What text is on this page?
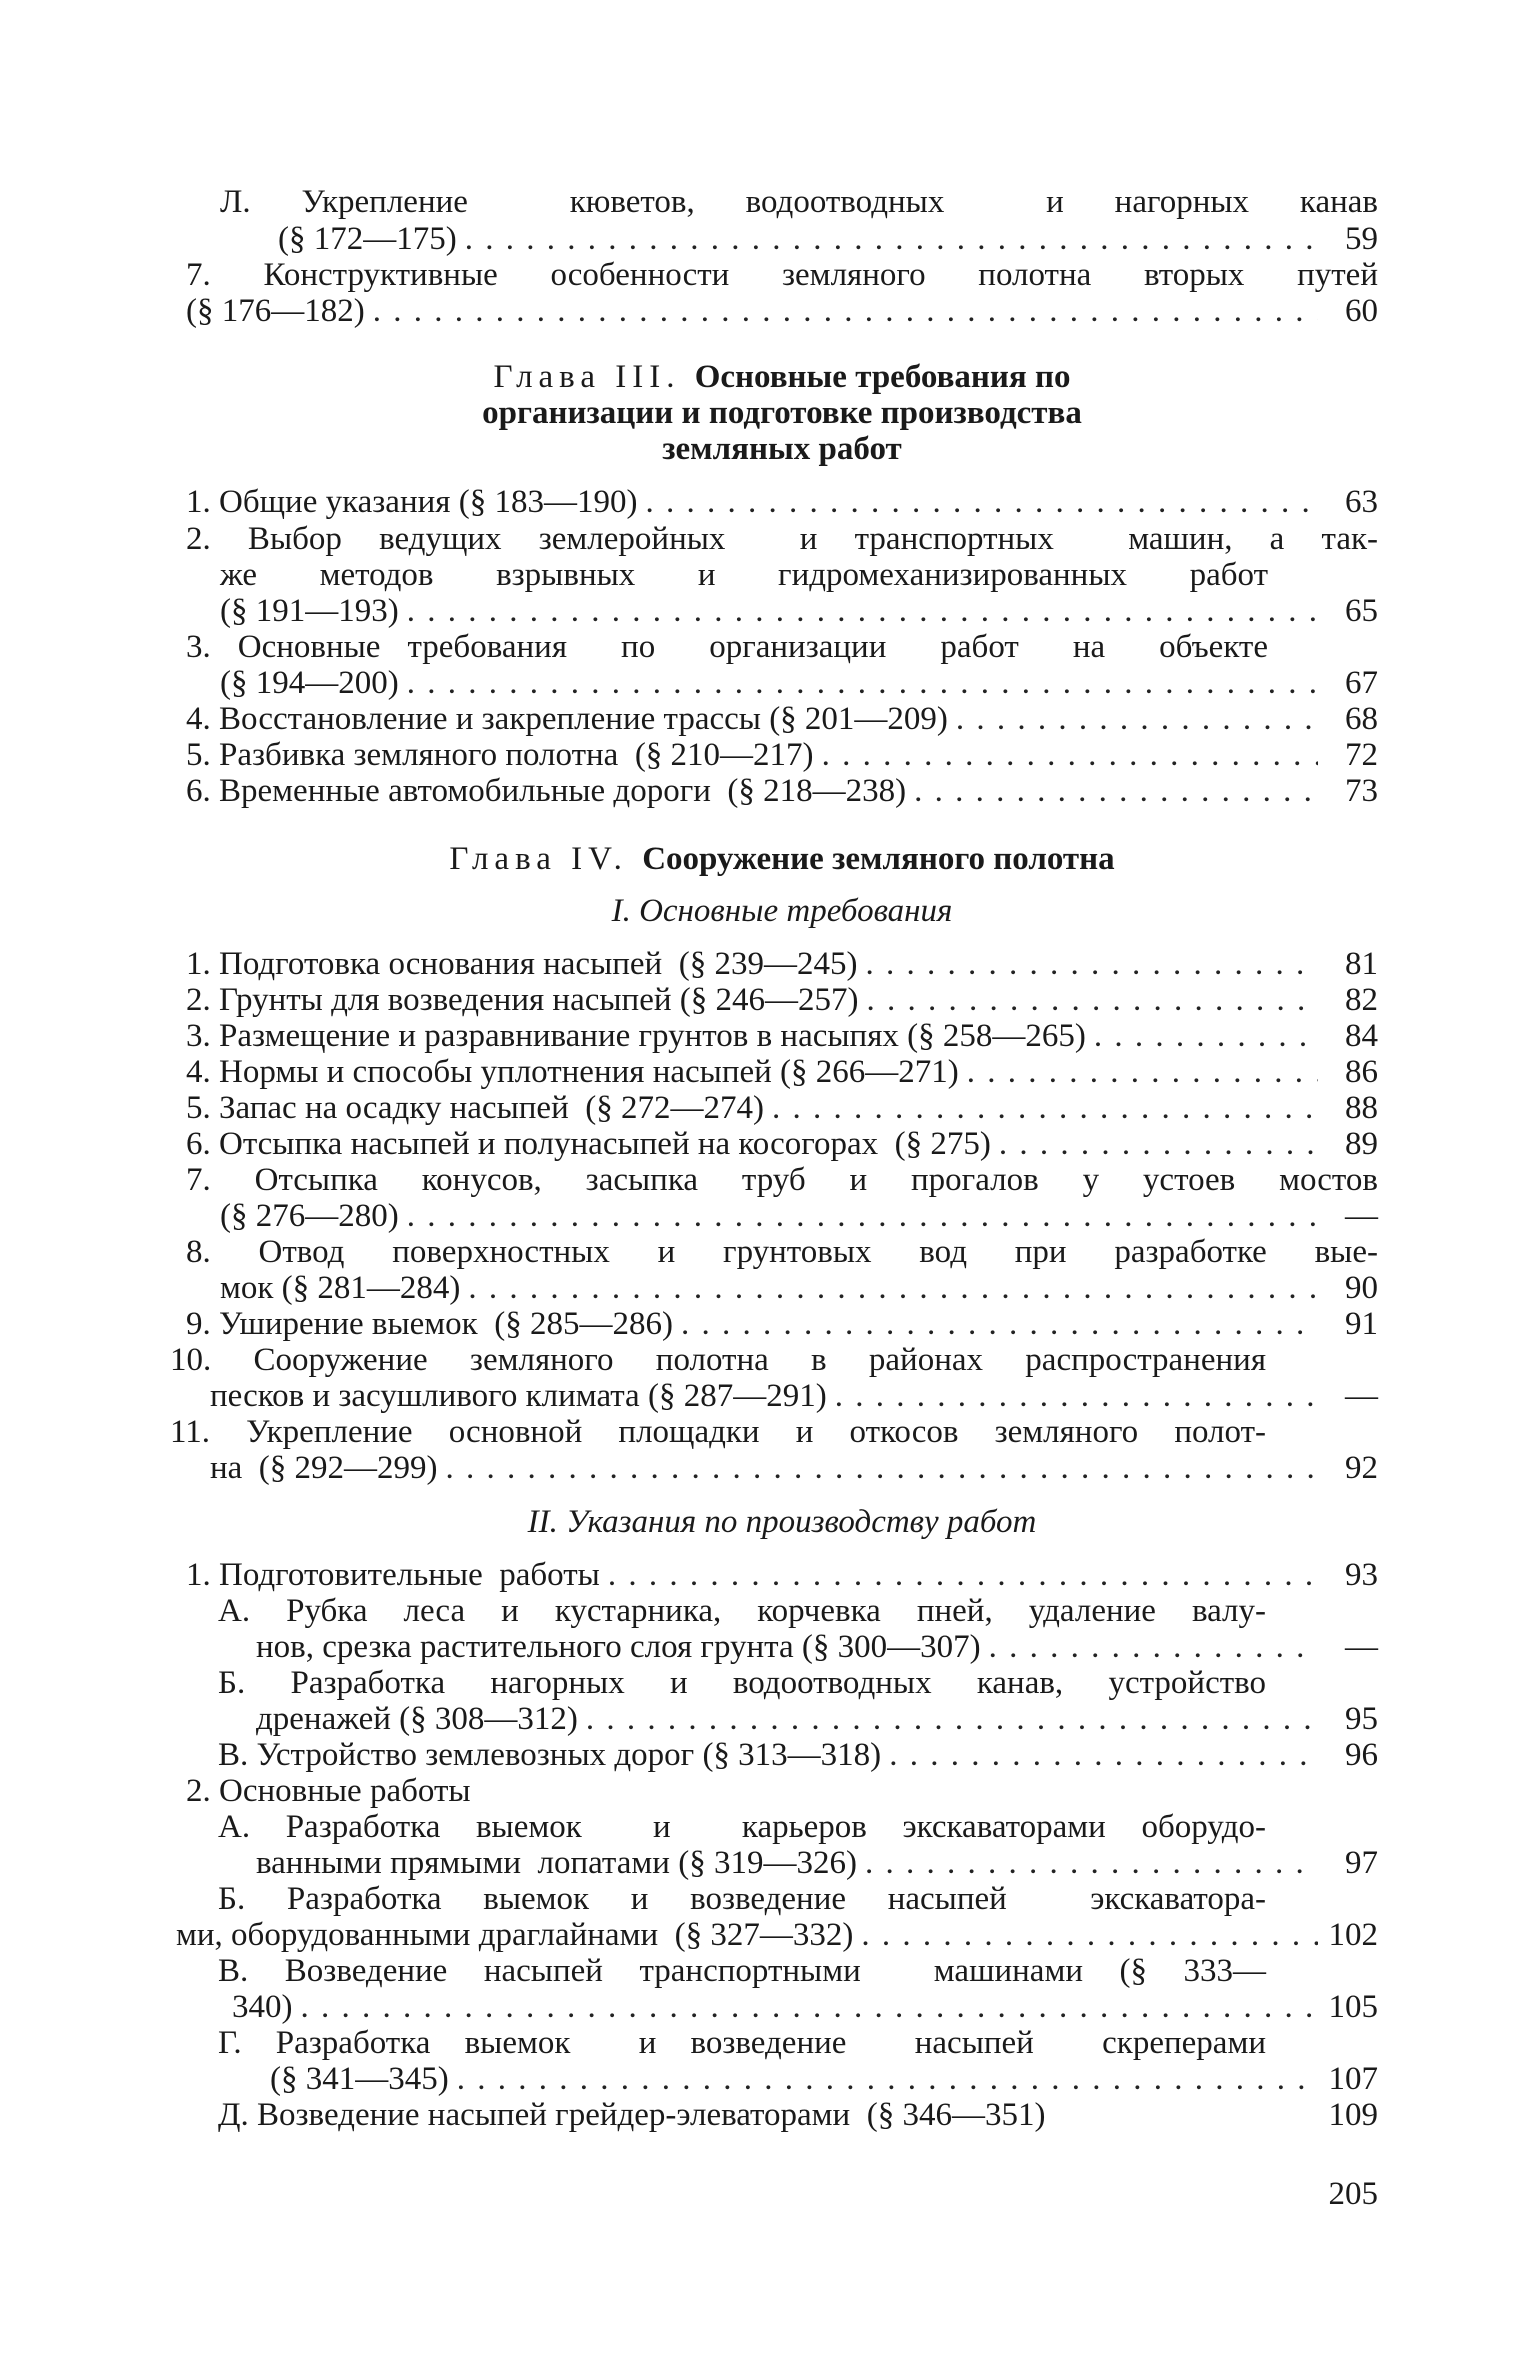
Л. Укрепление  кюветов, водоотводных  и нагорных канав
(§ 172—175) . . .	59
7. Конструктивные особенности земляного полотна вторых путей
(§ 176—182) . . .	60
Глава III. Основные требования по
организации и подготовке производства
земляных работ
1. Общие указания (§ 183—190) . . .	63
2. Выбор ведущих землеройных  и транспортных  машин, а так-
же  методов  взрывных  и  гидромеханизированных  работ
(§ 191—193) . . .	65
3. Основные требования  по  организации  работ  на  объекте
(§ 194—200) . . .	67
4. Восстановление и закрепление трассы (§ 201—209) . . .	68
5. Разбивка земляного полотна  (§ 210—217) . . .	72
6. Временные автомобильные дороги  (§ 218—238) . . .	73
Глава IV. Сооружение земляного полотна
I. Основные требования
1. Подготовка основания насыпей  (§ 239—245) . . .	81
2. Грунты для возведения насыпей (§ 246—257) . . .	82
3. Размещение и разравнивание грунтов в насыпях (§ 258—265) . . .	84
4. Нормы и способы уплотнения насыпей (§ 266—271) . . .	86
5. Запас на осадку насыпей  (§ 272—274) . . .	88
6. Отсыпка насыпей и полунасыпей на косогорах  (§ 275) . . .	89
7. Отсыпка конусов, засыпка труб и прогалов у устоев мостов
(§ 276—280) . . .	—
8. Отвод поверхностных и грунтовых вод при разработке вые-
мок (§ 281—284) . . .	90
9. Уширение выемок  (§ 285—286) . . .	91
10. Сооружение земляного полотна в районах распространения
песков и засушливого климата (§ 287—291) . . .	—
11. Укрепление основной площадки и откосов земляного полот-
на  (§ 292—299) . . .	92
II. Указания по производству работ
1. Подготовительные  работы . . .	93
А. Рубка леса и кустарника, корчевка пней, удаление валу-
нов, срезка растительного слоя грунта (§ 300—307) . . .	—
Б. Разработка нагорных и водоотводных канав, устройство
дренажей (§ 308—312) . . .	95
В. Устройство землевозных дорог (§ 313—318) . . .	96
2. Основные работы
А. Разработка выемок  и  карьеров экскаваторами оборудо-
ванными прямыми  лопатами (§ 319—326) . . .	97
Б. Разработка выемок и возведение насыпей  экскаватора-
ми, оборудованными драглайнами  (§ 327—332) . . .	102
В. Возведение насыпей транспортными  машинами (§ 333—
340) . . .	105
Г. Разработка выемок  и возведение  насыпей  скреперами
(§ 341—345) . . .	107
Д. Возведение насыпей грейдер-элеваторами  (§ 346—351)	109
205
